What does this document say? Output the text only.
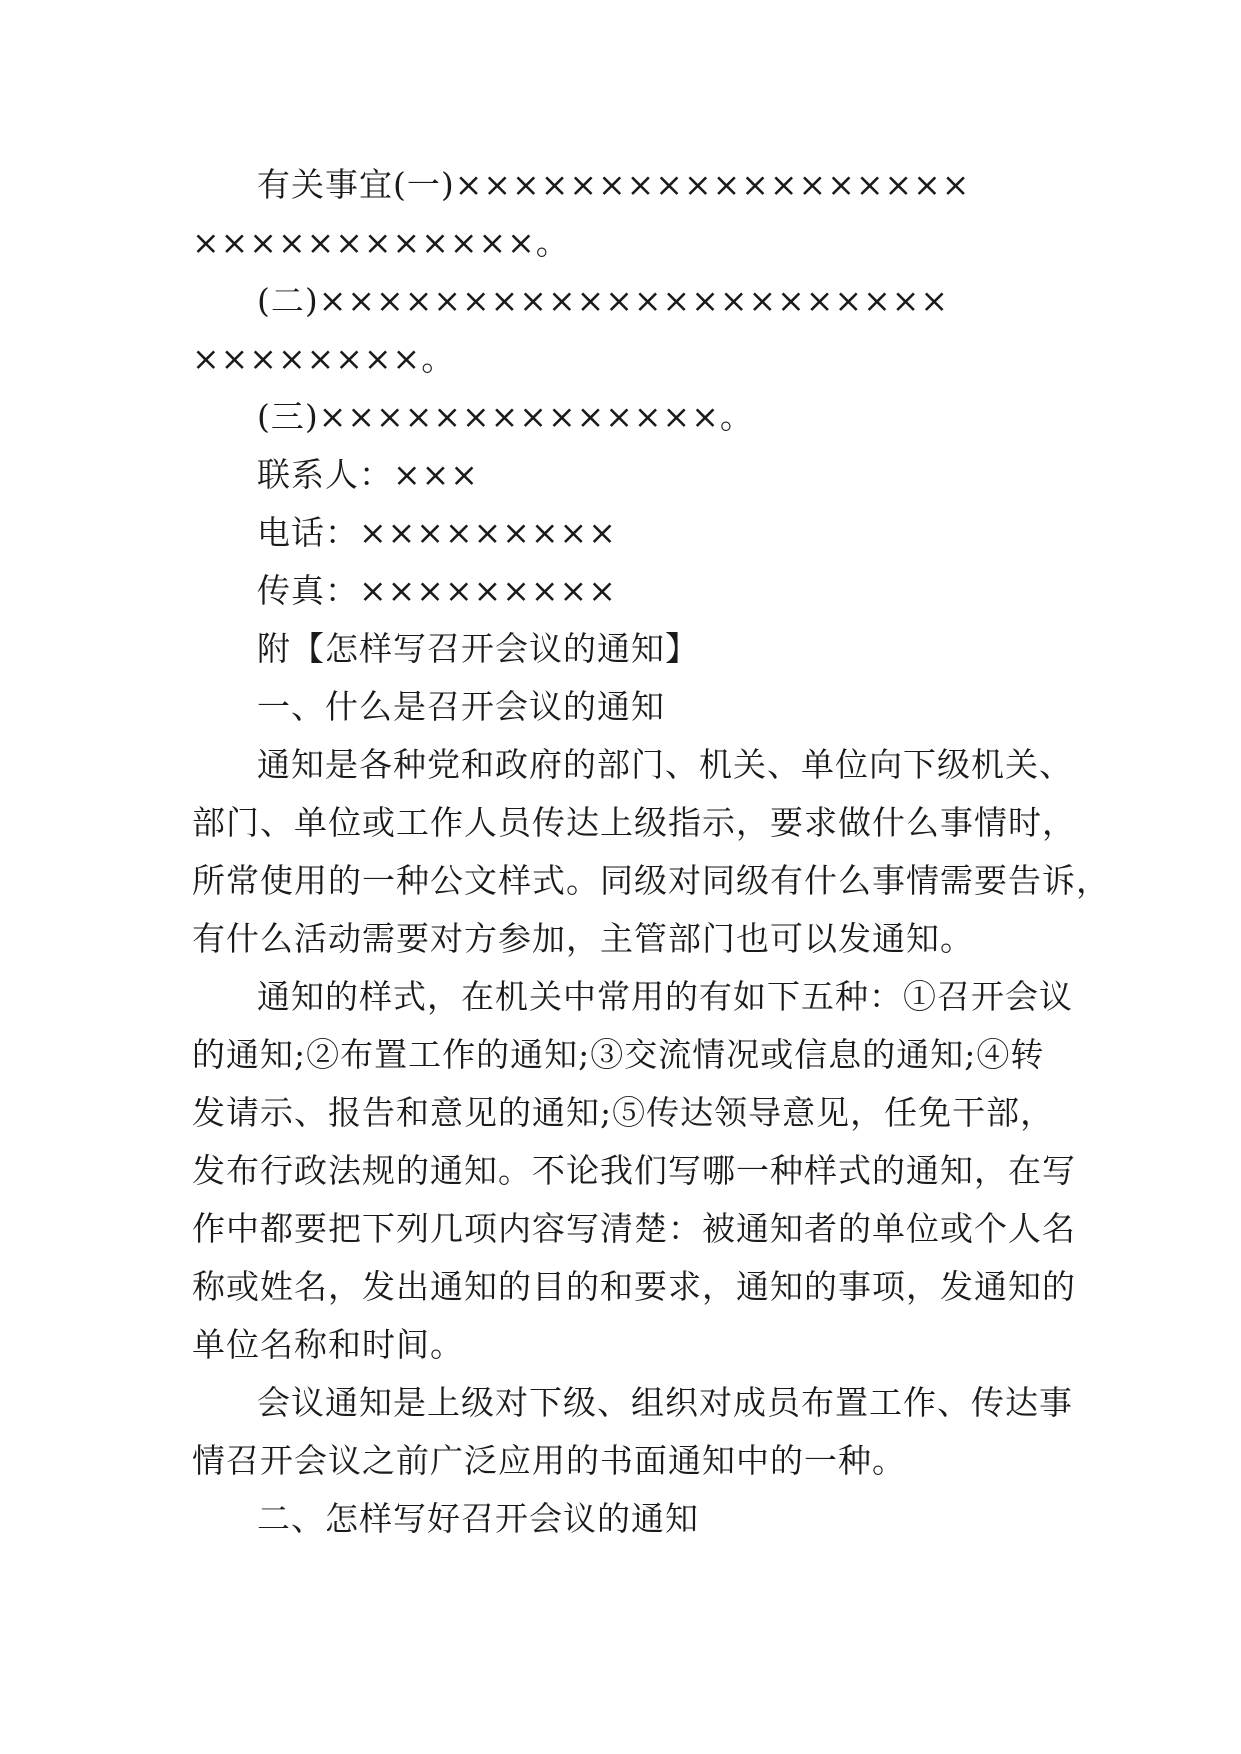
有关事宜(一)××××××××××××××××××
××××××××××××。
(二)××××××××××××××××××××××
××××××××。
(三)××××××××××××××。
联系人：×××
电话：×××××××××
传真：×××××××××
附【怎样写召开会议的通知】
一、什么是召开会议的通知
通知是各种党和政府的部门、机关、单位向下级机关、
部门、单位或工作人员传达上级指示，要求做什么事情时，
所常使用的一种公文样式。同级对同级有什么事情需要告诉，
有什么活动需要对方参加，主管部门也可以发通知。
通知的样式，在机关中常用的有如下五种：①召开会议
的通知;②布置工作的通知;③交流情况或信息的通知;④转
发请示、报告和意见的通知;⑤传达领导意见，任免干部，
发布行政法规的通知。不论我们写哪一种样式的通知，在写
作中都要把下列几项内容写清楚：被通知者的单位或个人名
称或姓名，发出通知的目的和要求，通知的事项，发通知的
单位名称和时间。
会议通知是上级对下级、组织对成员布置工作、传达事
情召开会议之前广泛应用的书面通知中的一种。
二、怎样写好召开会议的通知
